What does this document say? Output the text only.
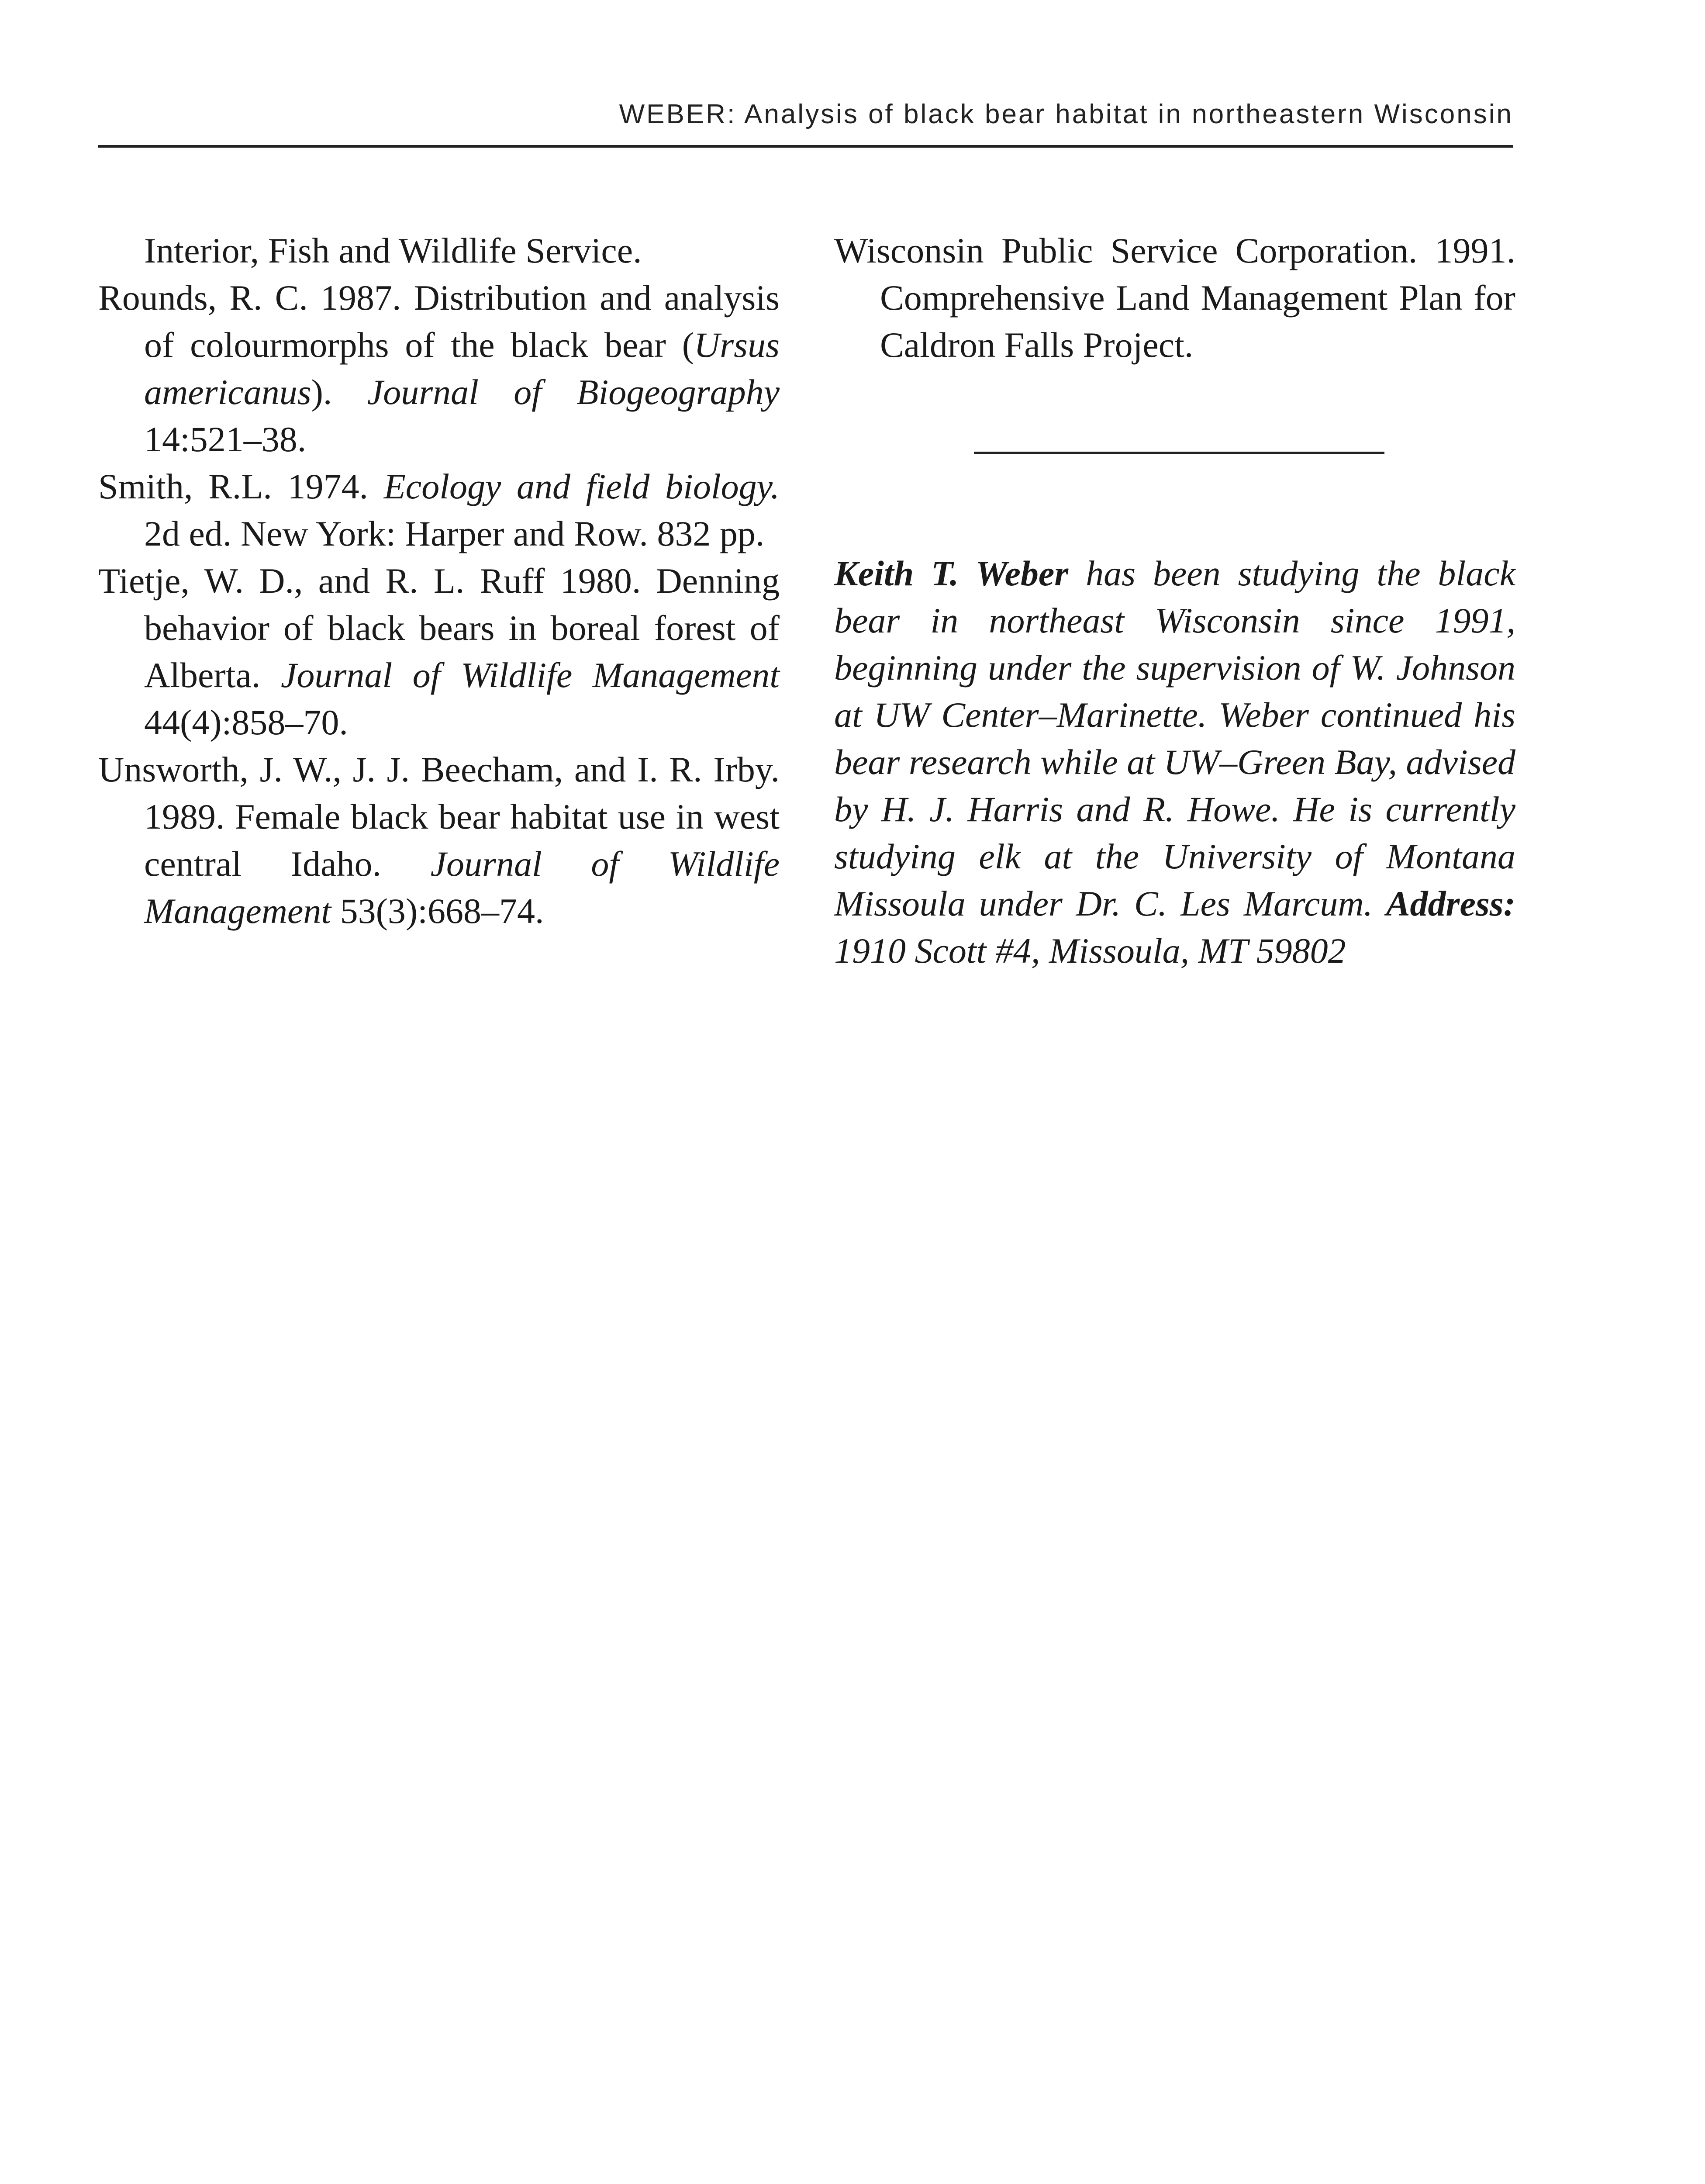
WEBER: Analysis of black bear habitat in northeastern Wisconsin

Interior, Fish and Wildlife Service.

Rounds, R. C. 1987. Distribution and analysis of colourmorphs of the black bear (Ursus americanus). Journal of Biogeography 14:521–38.

Smith, R.L. 1974. Ecology and field biology. 2d ed. New York: Harper and Row. 832 pp.

Tietje, W. D., and R. L. Ruff 1980. Denning behavior of black bears in boreal forest of Alberta. Journal of Wildlife Management 44(4):858–70.

Unsworth, J. W., J. J. Beecham, and I. R. Irby. 1989. Female black bear habitat use in west central Idaho. Journal of Wildlife Management 53(3):668–74.

Wisconsin Public Service Corporation. 1991. Comprehensive Land Management Plan for Caldron Falls Project.

Keith T. Weber has been studying the black bear in northeast Wisconsin since 1991, beginning under the supervision of W. Johnson at UW Center–Marinette. Weber continued his bear research while at UW–Green Bay, advised by H. J. Harris and R. Howe. He is currently studying elk at the University of Montana Missoula under Dr. C. Les Marcum. Address: 1910 Scott #4, Missoula, MT 59802
